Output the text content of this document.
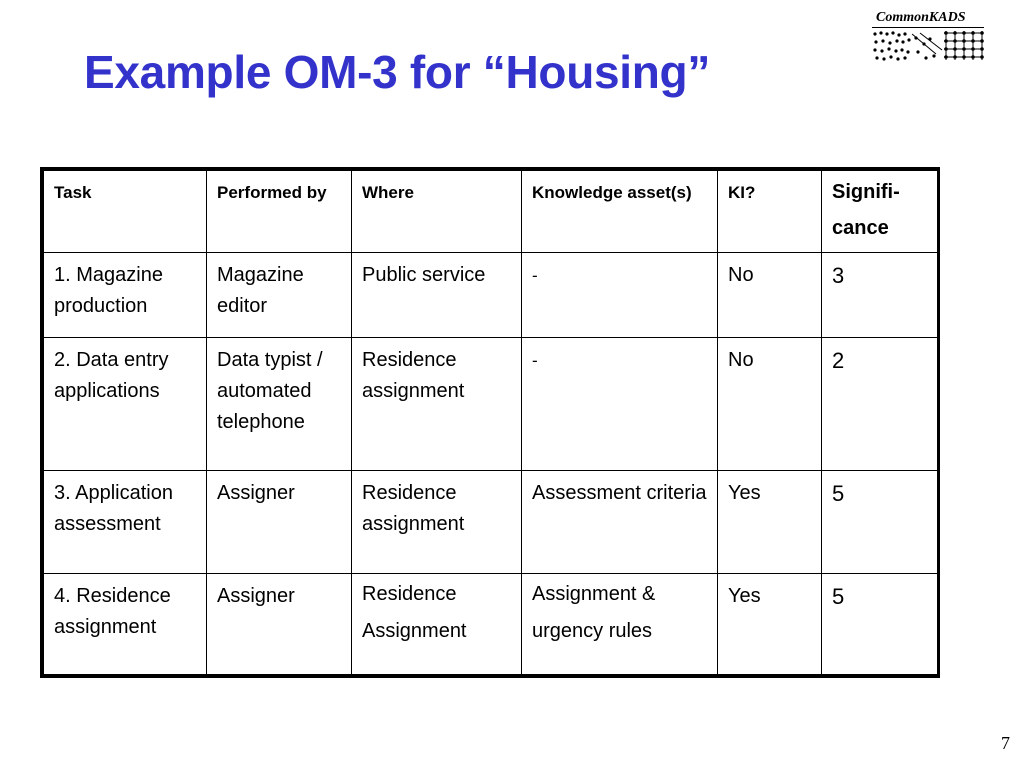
Example OM-3 for “Housing”
CommonKADS
Task	Performed by	Where	Knowledge asset(s)	KI?	Signifi-
cance
1. Magazine production	Magazine editor	Public service	-	No	3
2. Data entry applications	Data typist / automated telephone	Residence assignment	-	No	2
3. Application assessment	Assigner	Residence assignment	Assessment criteria	Yes	5
4. Residence assignment	Assigner	Residence Assignment	Assignment & urgency rules	Yes	5
7
